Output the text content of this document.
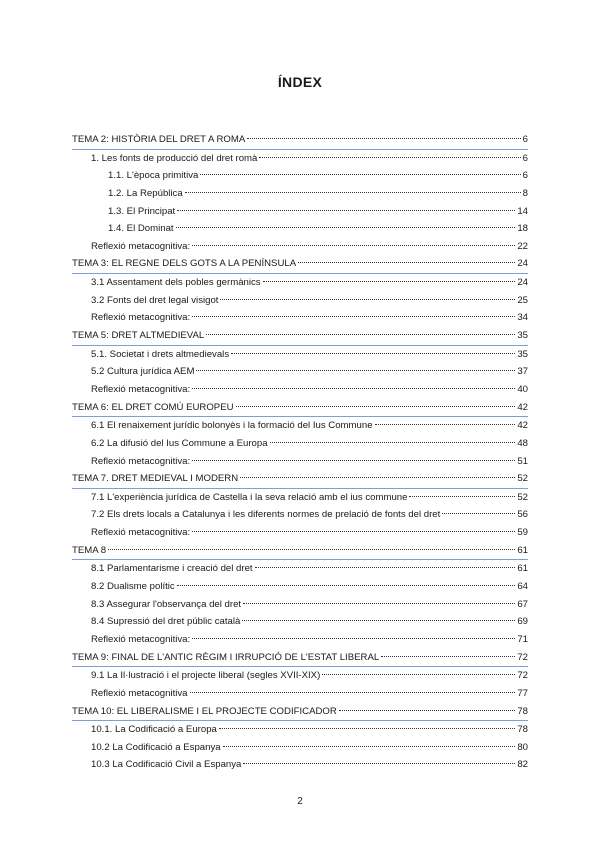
ÍNDEX
TEMA 2: HISTÒRIA DEL DRET A ROMA	6
1. Les fonts de producció del dret romà	6
1.1. L'època primitiva	6
1.2. La República	8
1.3. El Principat	14
1.4. El Dominat	18
Reflexió metacognitiva:	22
TEMA 3: EL REGNE DELS GOTS A LA PENÍNSULA	24
3.1 Assentament dels pobles germànics	24
3.2 Fonts del dret legal visigot	25
Reflexió metacognitiva:	34
TEMA 5: DRET ALTMEDIEVAL	35
5.1. Societat i drets altmedievals	35
5.2 Cultura jurídica AEM	37
Reflexió metacognitiva:	40
TEMA 6: EL DRET COMÚ EUROPEU	42
6.1 El renaixement jurídic bolonyès i la formació del Ius Commune	42
6.2 La difusió del Ius Commune a Europa	48
Reflexió metacognitiva:	51
TEMA 7. DRET MEDIEVAL I MODERN	52
7.1 L'experiència jurídica de Castella i la seva relació amb el ius commune	52
7.2 Els drets locals a Catalunya i les diferents normes de prelació de fonts del dret	56
Reflexió metacognitiva:	59
TEMA 8	61
8.1 Parlamentarisme i creació del dret	61
8.2 Dualisme polític	64
8.3 Assegurar l'observança del dret	67
8.4 Supressió del dret públic català	69
Reflexió metacognitiva:	71
TEMA 9: FINAL DE L'ANTIC RÈGIM I IRRUPCIÓ DE L'ESTAT LIBERAL	72
9.1 La Il·lustració i el projecte liberal (segles XVII-XIX)	72
Reflexió metacognitiva	77
TEMA 10: EL LIBERALISME I EL PROJECTE CODIFICADOR	78
10.1. La Codificació a Europa	78
10.2 La Codificació a Espanya	80
10.3 La Codificació Civil a Espanya	82
2
